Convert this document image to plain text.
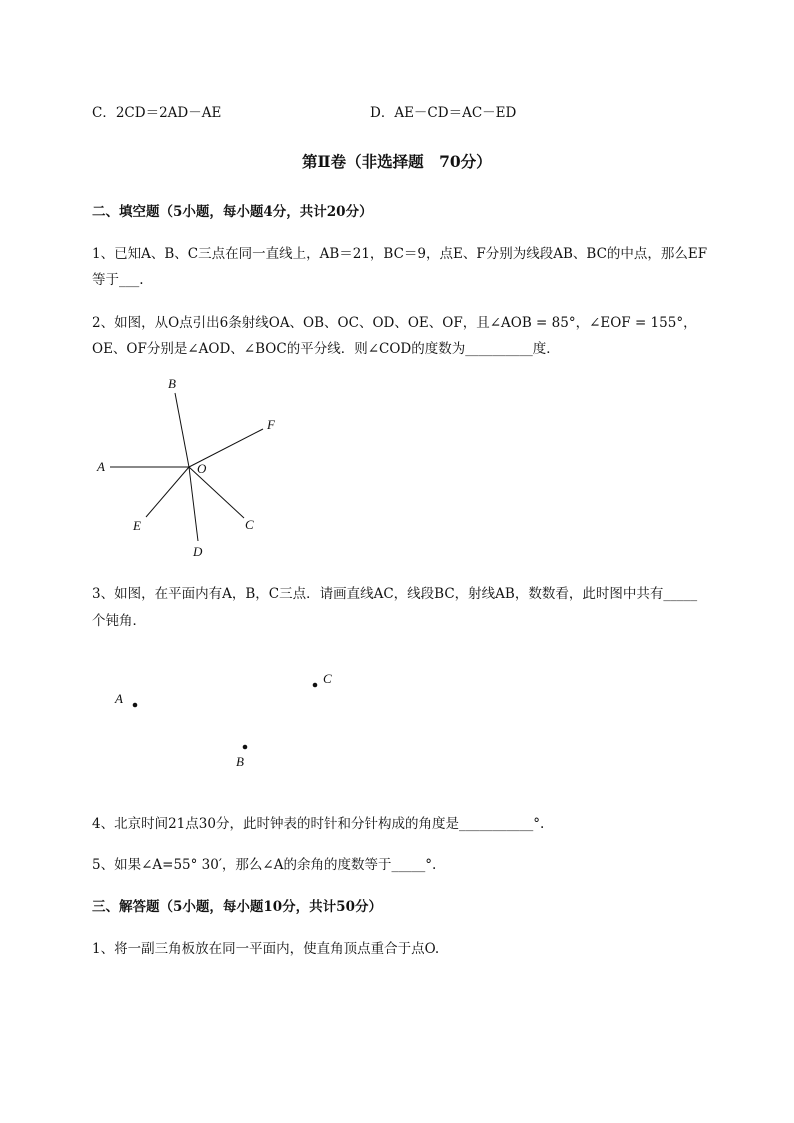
C．2CD＝2AD－AE	D．AE－CD＝AC－ED
第Ⅱ卷（非选择题　70分）
二、填空题（5小题，每小题4分，共计20分）
1、已知A、B、C三点在同一直线上，AB＝21，BC＝9，点E、F分别为线段AB、BC的中点，那么EF
等于___.
2、如图，从O点引出6条射线OA、OB、OC、OD、OE、OF，且∠AOB = 85°，∠EOF = 155°，
OE、OF分别是∠AOD、∠BOC的平分线．则∠COD的度数为__________度．
A
B
F
O
C
D
E
A
C
B
3、如图，在平面内有A，B，C三点．请画直线AC，线段BC，射线AB，数数看，此时图中共有_____
个钝角．
4、北京时间21点30分，此时钟表的时针和分针构成的角度是___________°.
5、如果∠A=55° 30′，那么∠A的余角的度数等于_____°.
三、解答题（5小题，每小题10分，共计50分）
1、将一副三角板放在同一平面内，使直角顶点重合于点O.
